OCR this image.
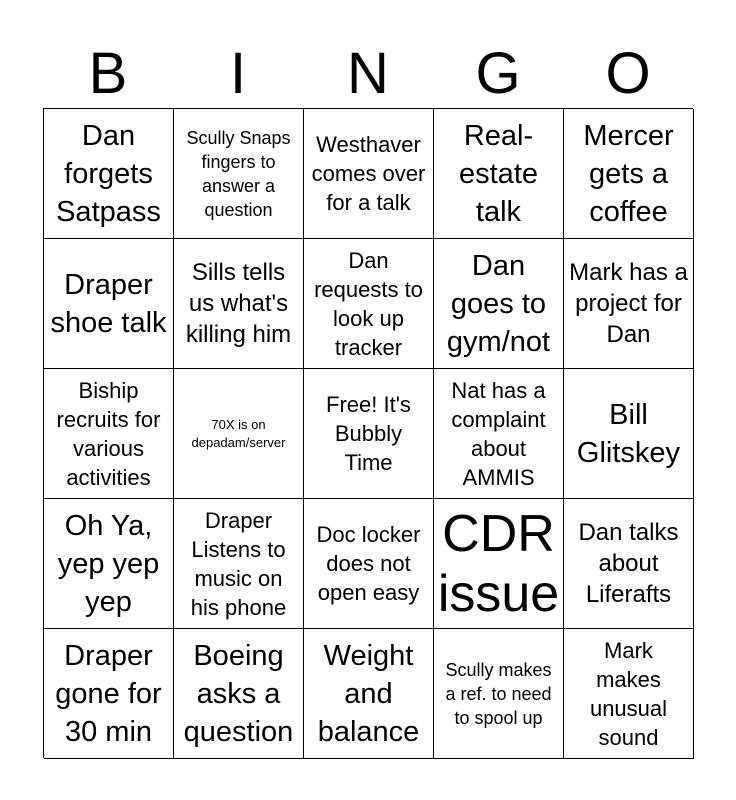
B	I	N	G	O
Dan forgets Satpass
Scully Snaps fingers to answer a question
Westhaver comes over for a talk
Real-estate talk
Mercer gets a coffee
Draper shoe talk
Sills tells us what's killing him
Dan requests to look up tracker
Dan goes to gym/not
Mark has a project for Dan
Biship recruits for various activities
70X is on depadam/server
Free! It's Bubbly Time
Nat has a complaint about AMMIS
Bill Glitskey
Oh Ya, yep yep yep
Draper Listens to music on his phone
Doc locker does not open easy
CDR issue
Dan talks about Liferafts
Draper gone for 30 min
Boeing asks a question
Weight and balance
Scully makes a ref. to need to spool up
Mark makes unusual sound
